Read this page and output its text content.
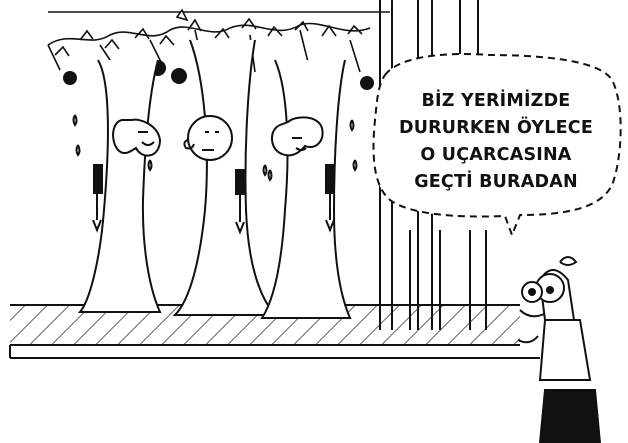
BİZ YERİMİZDE
DURURKEN ÖYLECE
O UÇARCASINA
GEÇTİ BURADAN
